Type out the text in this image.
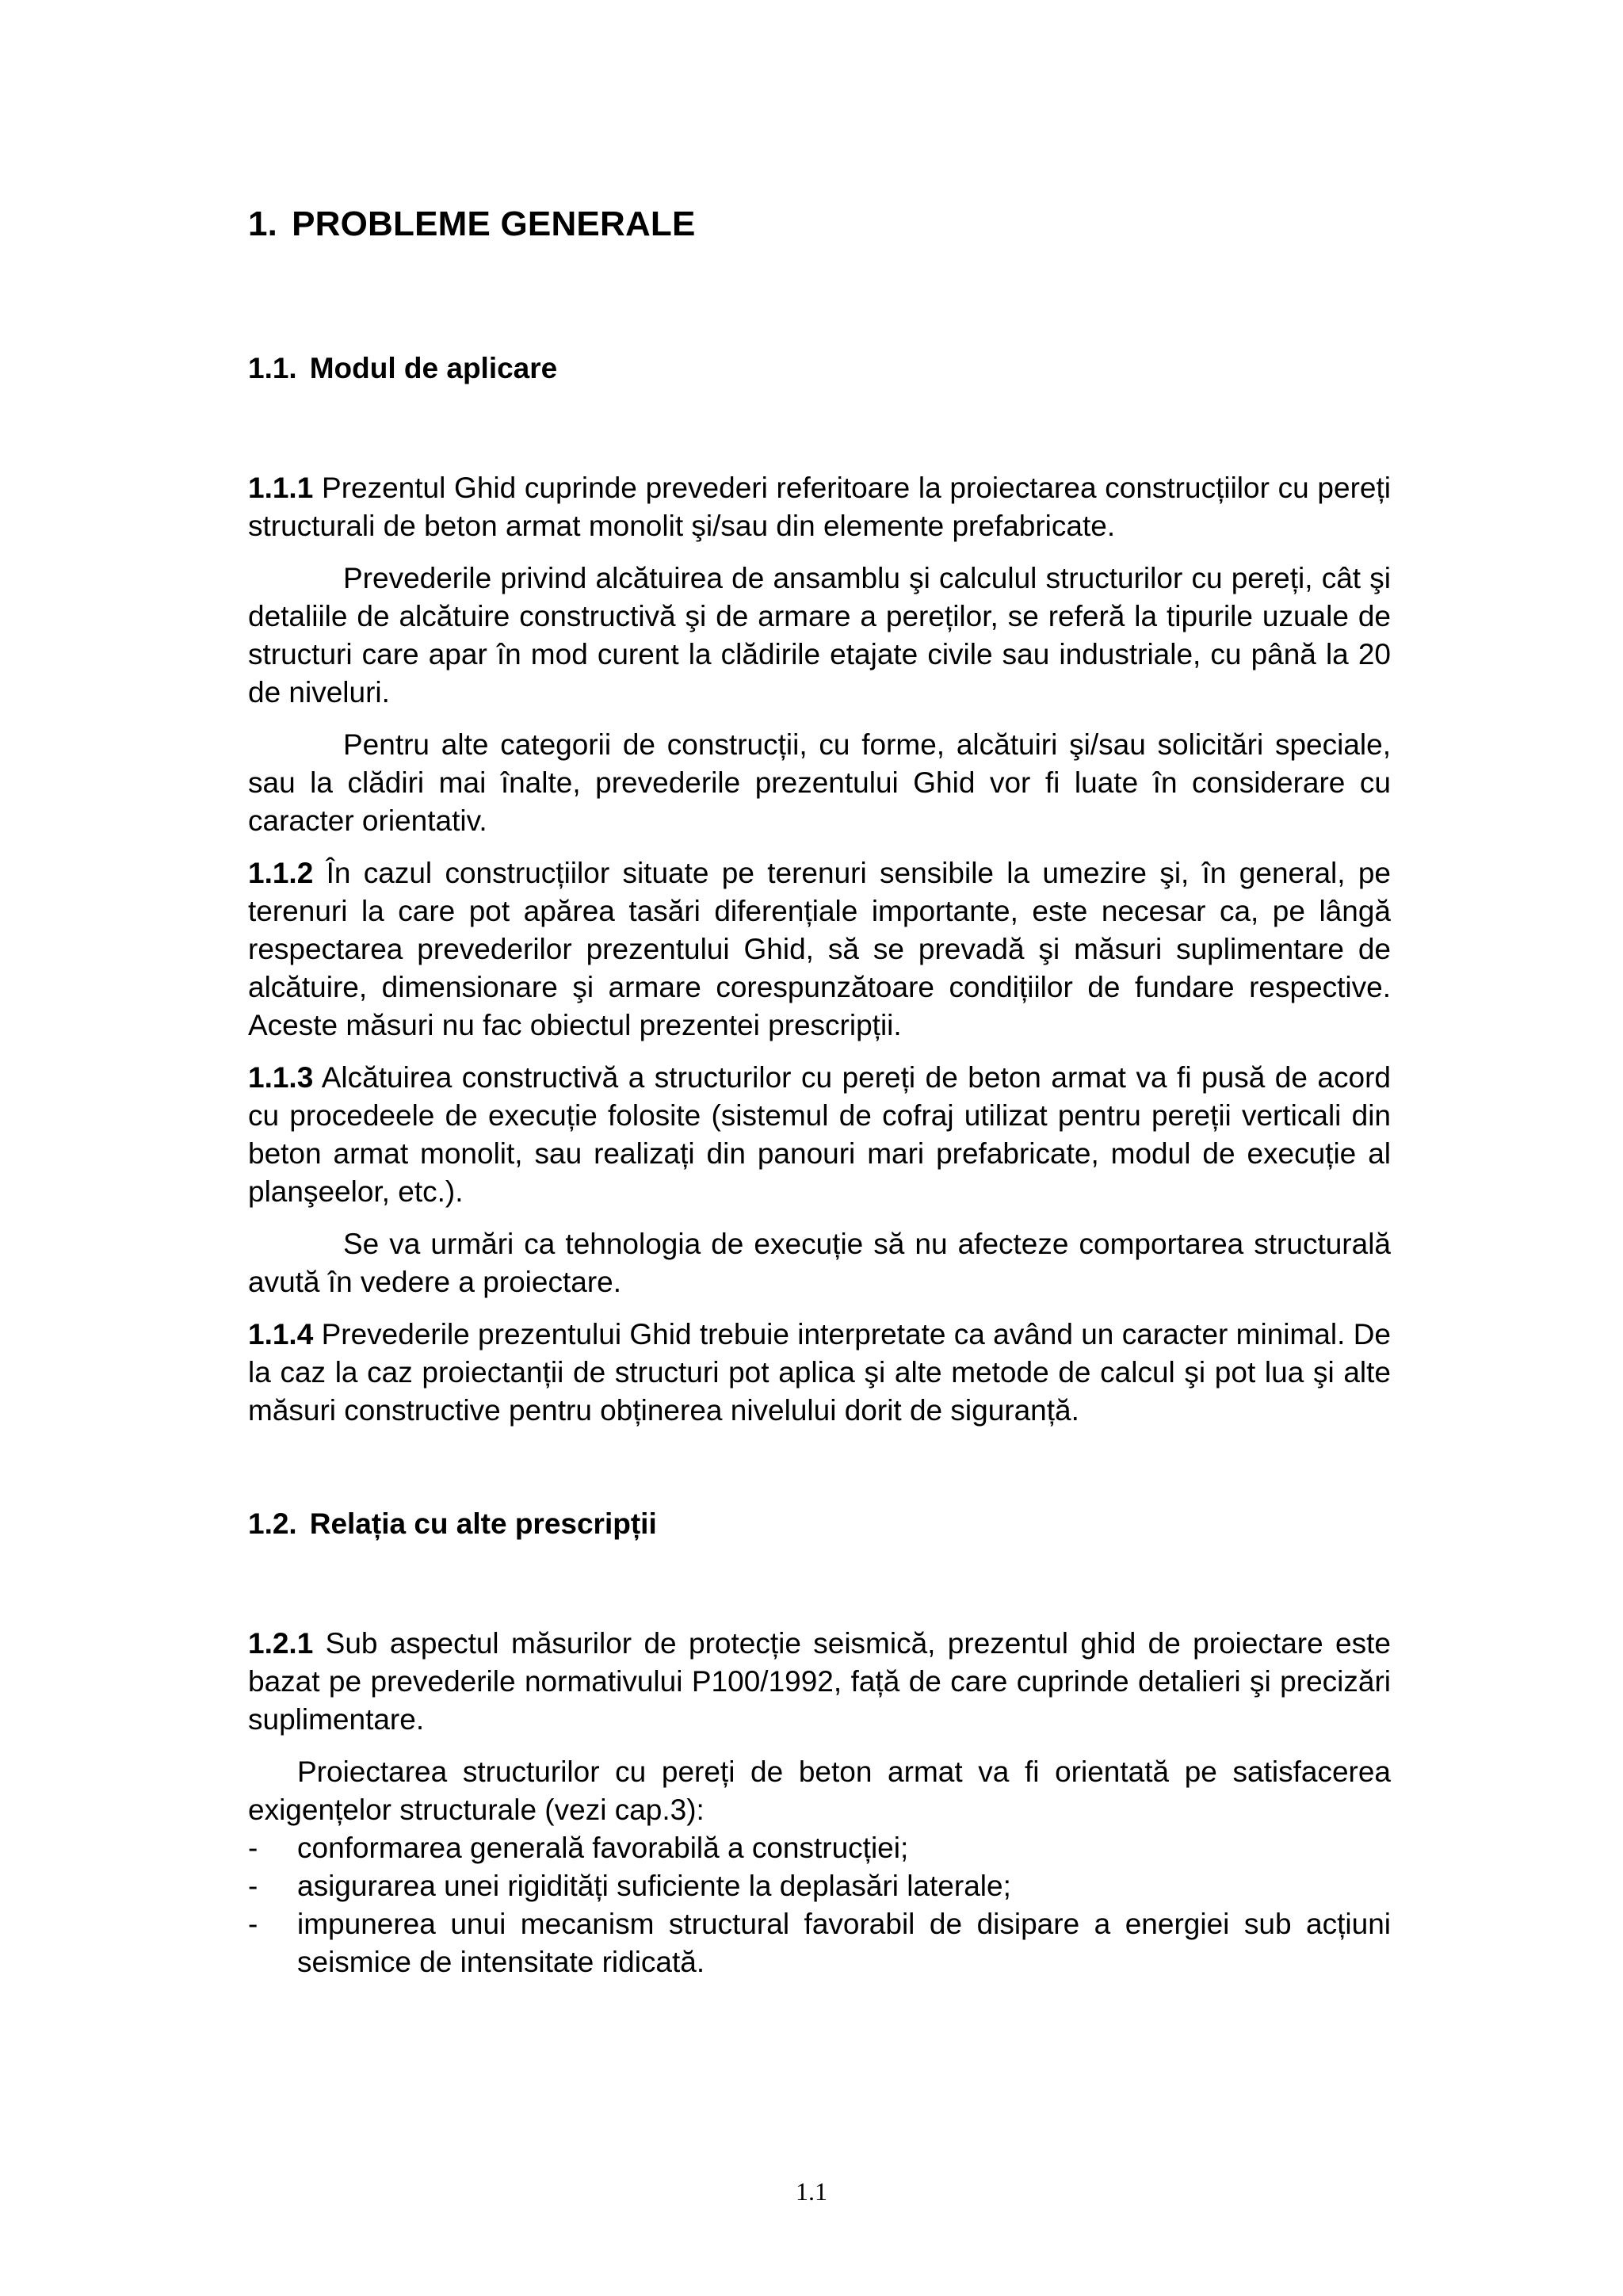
1. PROBLEME GENERALE
1.1. Modul de aplicare

1.1.1 Prezentul Ghid cuprinde prevederi referitoare la proiectarea construcțiilor cu pereți structurali de beton armat monolit şi/sau din elemente prefabricate.

Prevederile privind alcătuirea de ansamblu şi calculul structurilor cu pereți, cât şi detaliile de alcătuire constructivă şi de armare a pereților, se referă la tipurile uzuale de structuri care apar în mod curent la clădirile etajate civile sau industriale, cu până la 20 de niveluri.

Pentru alte categorii de construcții, cu forme, alcătuiri şi/sau solicitări speciale, sau la clădiri mai înalte, prevederile prezentului Ghid vor fi luate în considerare cu caracter orientativ.

1.1.2 În cazul construcțiilor situate pe terenuri sensibile la umezire şi, în general, pe terenuri la care pot apărea tasări diferențiale importante, este necesar ca, pe lângă respectarea prevederilor prezentului Ghid, să se prevadă şi măsuri suplimentare de alcătuire, dimensionare şi armare corespunzătoare condițiilor de fundare respective. Aceste măsuri nu fac obiectul prezentei prescripții.

1.1.3 Alcătuirea constructivă a structurilor cu pereți de beton armat va fi pusă de acord cu procedeele de execuție folosite (sistemul de cofraj utilizat pentru pereții verticali din beton armat monolit, sau realizați din panouri mari prefabricate, modul de execuție al planşeelor, etc.).

Se va urmări ca tehnologia de execuție să nu afecteze comportarea structurală avută în vedere a proiectare.

1.1.4 Prevederile prezentului Ghid trebuie interpretate ca având un caracter minimal. De la caz la caz proiectanții de structuri pot aplica şi alte metode de calcul şi pot lua şi alte măsuri constructive pentru obținerea nivelului dorit de siguranță.

1.2. Relația cu alte prescripții

1.2.1 Sub aspectul măsurilor de protecție seismică, prezentul ghid de proiectare este bazat pe prevederile normativului P100/1992, față de care cuprinde detalieri şi precizări suplimentare.

Proiectarea structurilor cu pereți de beton armat va fi orientată pe satisfacerea exigențelor structurale (vezi cap.3):

- conformarea generală favorabilă a construcției;
- asigurarea unei rigidități suficiente la deplasări laterale;
- impunerea unui mecanism structural favorabil de disipare a energiei sub acțiuni seismice de intensitate ridicată.
1.1
